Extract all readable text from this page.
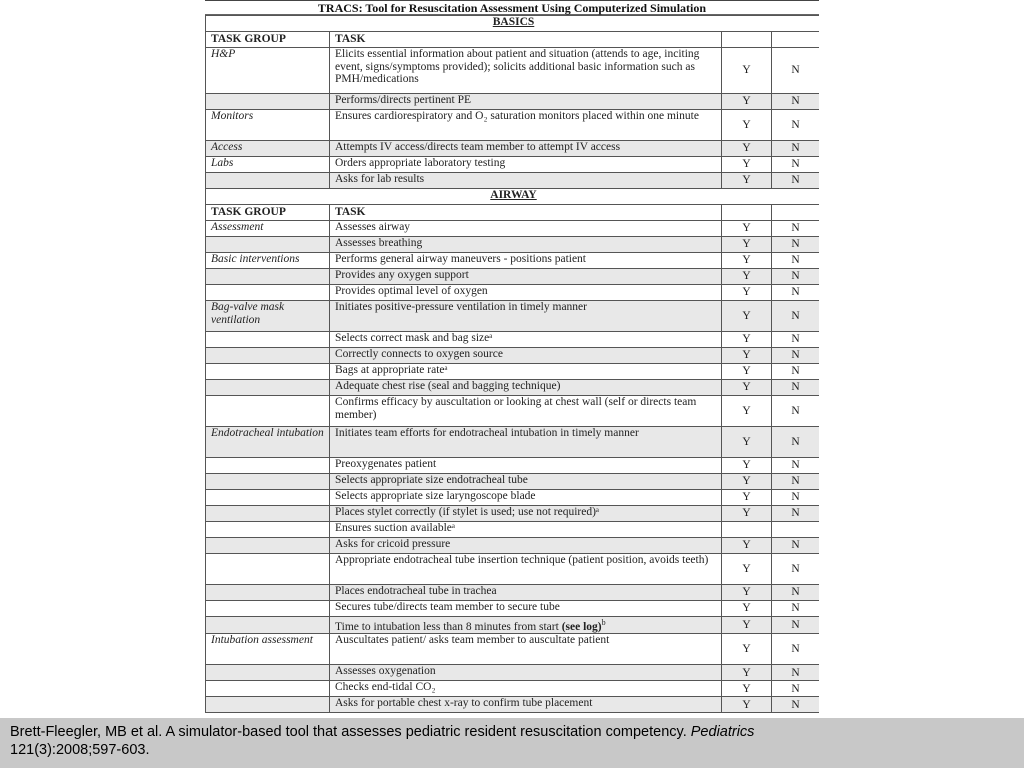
TRACS: Tool for Resuscitation Assessment Using Computerized Simulation
BASICS			
TASK GROUP	TASK		
H&P	Elicits essential information about patient and situation (attends to age, inciting event, signs/symptoms provided); solicits additional basic information such as PMH/medications	Y	N
	Performs/directs pertinent PE	Y	N
Monitors	Ensures cardiorespiratory and O₂ saturation monitors placed within one minute	Y	N
Access	Attempts IV access/directs team member to attempt IV access	Y	N
Labs	Orders appropriate laboratory testing	Y	N
	Asks for lab results	Y	N
AIRWAY			
TASK GROUP	TASK		
Assessment	Assesses airway	Y	N
	Assesses breathing	Y	N
Basic interventions	Performs general airway maneuvers - positions patient	Y	N
	Provides any oxygen support	Y	N
	Provides optimal level of oxygen	Y	N
Bag-valve mask ventilation	Initiates positive-pressure ventilation in timely manner	Y	N
	Selects correct mask and bag sizeᵃ	Y	N
	Correctly connects to oxygen source	Y	N
	Bags at appropriate rateᵃ	Y	N
	Adequate chest rise (seal and bagging technique)	Y	N
	Confirms efficacy by auscultation or looking at chest wall (self or directs team member)	Y	N
Endotracheal intubation	Initiates team efforts for endotracheal intubation in timely manner	Y	N
	Preoxygenates patient	Y	N
	Selects appropriate size endotracheal tube	Y	N
	Selects appropriate size laryngoscope blade	Y	N
	Places stylet correctly (if stylet is used; use not required)ᵃ	Y	N
	Ensures suction availableᵃ		
	Asks for cricoid pressure	Y	N
	Appropriate endotracheal tube insertion technique (patient position, avoids teeth)	Y	N
	Places endotracheal tube in trachea	Y	N
	Secures tube/directs team member to secure tube	Y	N
	Time to intubation less than 8 minutes from start (see log)$^b$	Y	N
Intubation assessment	Auscultates patient/ asks team member to auscultate patient	Y	N
	Assesses oxygenation	Y	N
	Checks end-tidal CO₂	Y	N
	Asks for portable chest x-ray to confirm tube placement	Y	N
Brett-Fleegler, MB et al. A simulator-based tool that assesses pediatric resident resuscitation competency. Pediatrics
121(3):2008;597-603.
